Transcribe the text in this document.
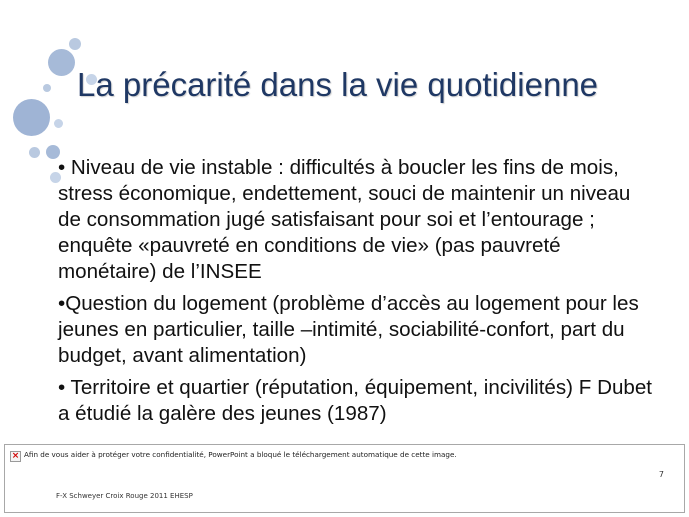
La précarité dans la vie quotidienne

• Niveau de vie instable : difficultés à boucler les fins de mois, stress économique, endettement, souci de maintenir un niveau de consommation jugé satisfaisant pour soi et l’entourage ; enquête «pauvreté en conditions de vie» (pas pauvreté monétaire) de l’INSEE

•Question du logement (problème d’accès au logement pour les jeunes en particulier, taille –intimité, sociabilité-confort, part du budget, avant alimentation)

• Territoire et quartier (réputation, équipement, incivilités) F Dubet a étudié la galère des jeunes (1987)

× Afin de vous aider à protéger votre confidentialité, PowerPoint a bloqué le téléchargement automatique de cette image.
7
F-X Schweyer Croix Rouge 2011 EHESP
